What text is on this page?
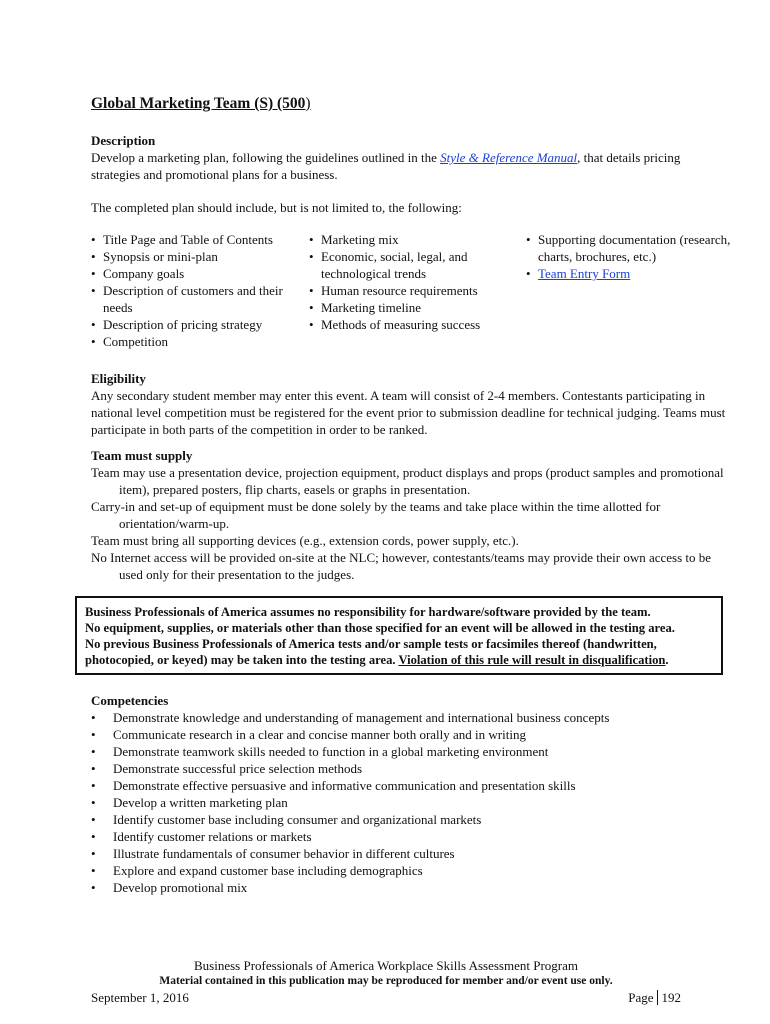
Global Marketing Team (S) (500)

Description

Develop a marketing plan, following the guidelines outlined in the Style & Reference Manual, that details pricing strategies and promotional plans for a business.

The completed plan should include, but is not limited to, the following:
• Title Page and Table of Contents
• Synopsis or mini-plan
• Company goals
• Description of customers and their needs
• Description of pricing strategy
• Competition
• Marketing mix
• Economic, social, legal, and technological trends
• Human resource requirements
• Marketing timeline
• Methods of measuring success
• Supporting documentation (research, charts, brochures, etc.)
• Team Entry Form

Eligibility

Any secondary student member may enter this event. A team will consist of 2-4 members. Contestants participating in national level competition must be registered for the event prior to submission deadline for technical judging. Teams must participate in both parts of the competition in order to be ranked.

Team must supply

Team may use a presentation device, projection equipment, product displays and props (product samples and promotional item), prepared posters, flip charts, easels or graphs in presentation.

Carry-in and set-up of equipment must be done solely by the teams and take place within the time allotted for orientation/warm-up.

Team must bring all supporting devices (e.g., extension cords, power supply, etc.).

No Internet access will be provided on-site at the NLC; however, contestants/teams may provide their own access to be used only for their presentation to the judges.

Business Professionals of America assumes no responsibility for hardware/software provided by the team.
No equipment, supplies, or materials other than those specified for an event will be allowed in the testing area.
No previous Business Professionals of America tests and/or sample tests or facsimiles thereof (handwritten,
photocopied, or keyed) may be taken into the testing area. Violation of this rule will result in disqualification.

Competencies

• Demonstrate knowledge and understanding of management and international business concepts
• Communicate research in a clear and concise manner both orally and in writing
• Demonstrate teamwork skills needed to function in a global marketing environment
• Demonstrate successful price selection methods
• Demonstrate effective persuasive and informative communication and presentation skills
• Develop a written marketing plan
• Identify customer base including consumer and organizational markets
• Identify customer relations or markets
• Illustrate fundamentals of consumer behavior in different cultures
• Explore and expand customer base including demographics
• Develop promotional mix
Business Professionals of America Workplace Skills Assessment Program
Material contained in this publication may be reproduced for member and/or event use only.
September 1, 2016	Page 192
